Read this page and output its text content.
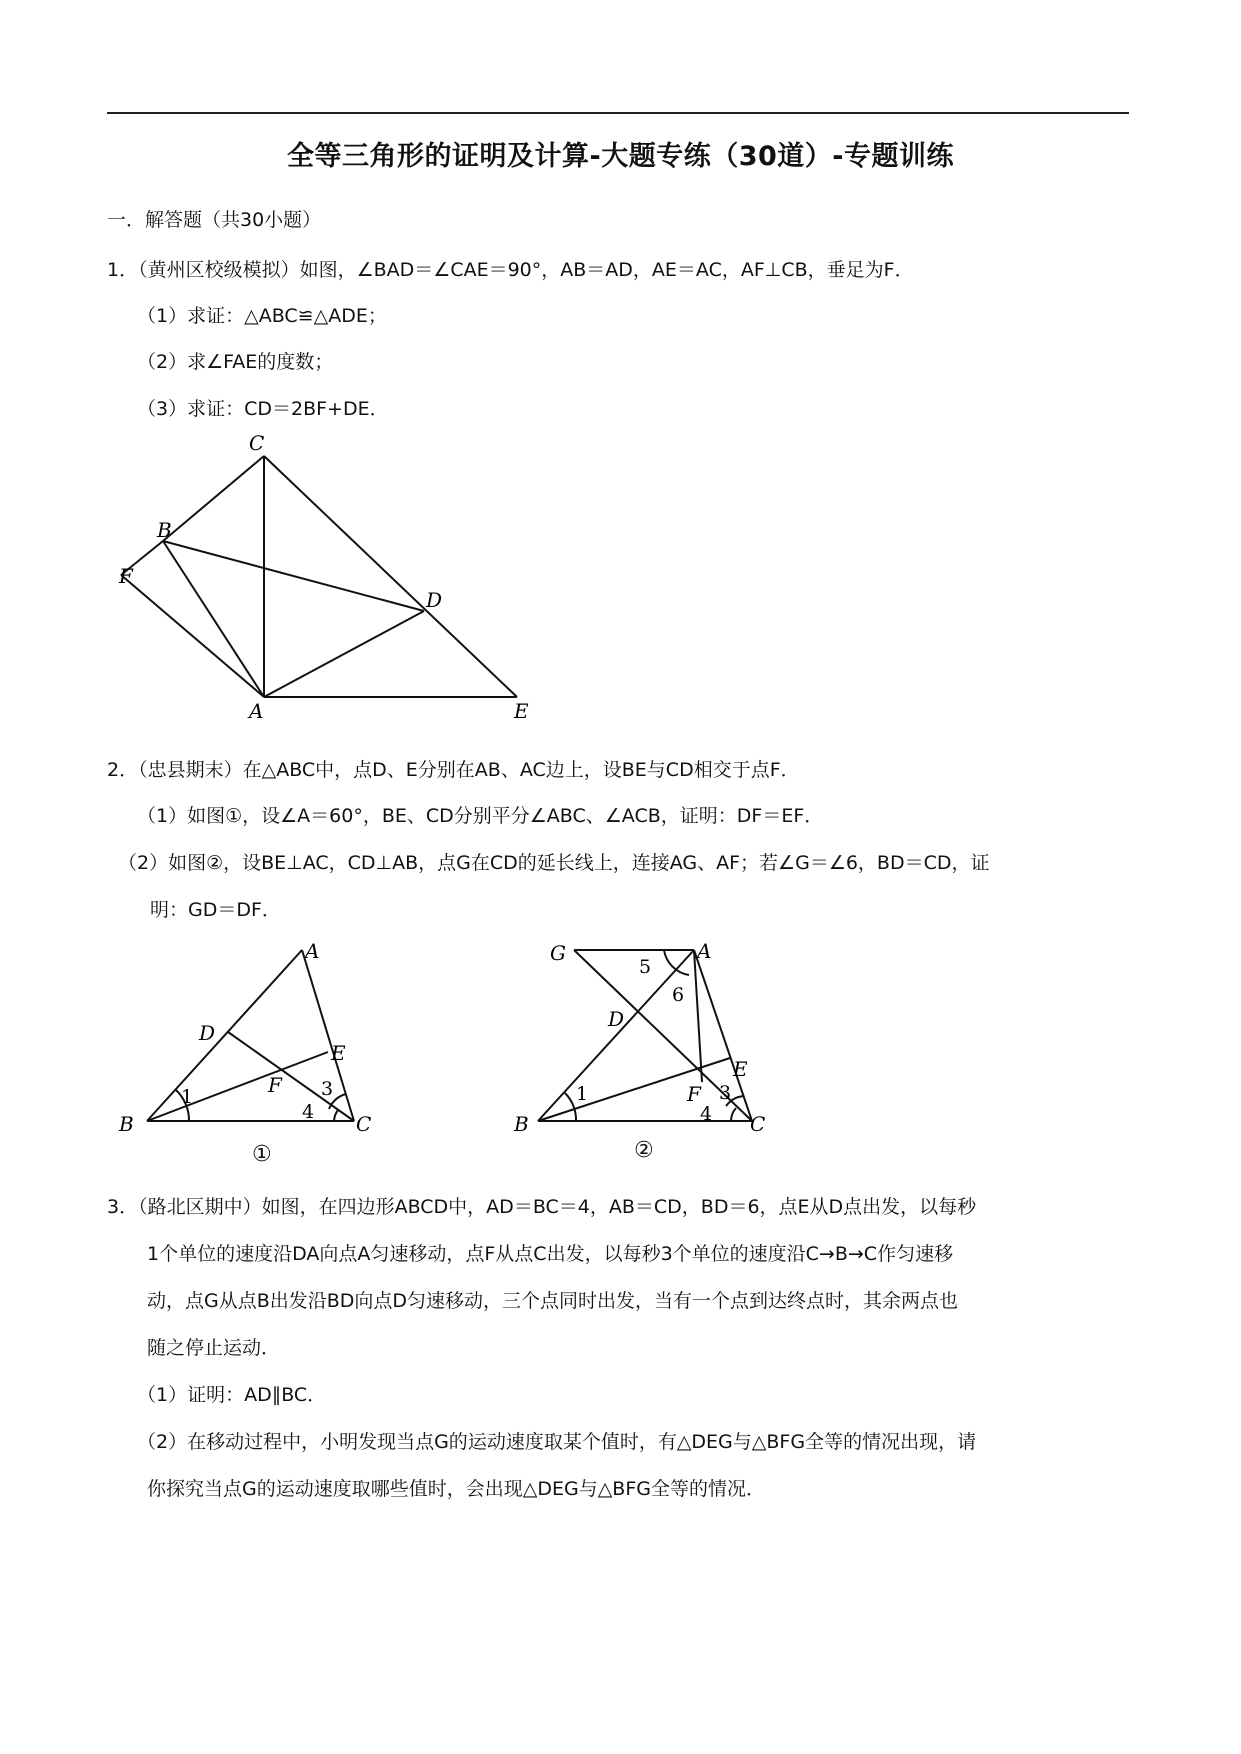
全等三角形的证明及计算-大题专练（30道）-专题训练
一．解答题（共30小题）
1．（黄州区校级模拟）如图，∠BAD＝∠CAE＝90°，AB＝AD，AE＝AC，AF⊥CB，垂足为F．
（1）求证：△ABC≌△ADE；
（2）求∠FAE的度数；
（3）求证：CD＝2BF+DE．
C
B
F
D
A	E
2．（忠县期末）在△ABC中，点D、E分别在AB、AC边上，设BE与CD相交于点F．
（1）如图①，设∠A＝60°，BE、CD分别平分∠ABC、∠ACB，证明：DF＝EF．
（2）如图②，设BE⊥AC，CD⊥AB，点G在CD的延长线上，连接AG、AF；若∠G＝∠6，BD＝CD，证
明：GD＝DF．
A
D
E
F
B	C
1	3
4
①
G	A
D
E
F
B	C
5
6
1	3
4
②
3．（路北区期中）如图，在四边形ABCD中，AD＝BC＝4，AB＝CD，BD＝6，点E从D点出发，以每秒
1个单位的速度沿DA向点A匀速移动，点F从点C出发，以每秒3个单位的速度沿C→B→C作匀速移
动，点G从点B出发沿BD向点D匀速移动，三个点同时出发，当有一个点到达终点时，其余两点也
随之停止运动．
（1）证明：AD∥BC．
（2）在移动过程中，小明发现当点G的运动速度取某个值时，有△DEG与△BFG全等的情况出现，请
你探究当点G的运动速度取哪些值时，会出现△DEG与△BFG全等的情况．
